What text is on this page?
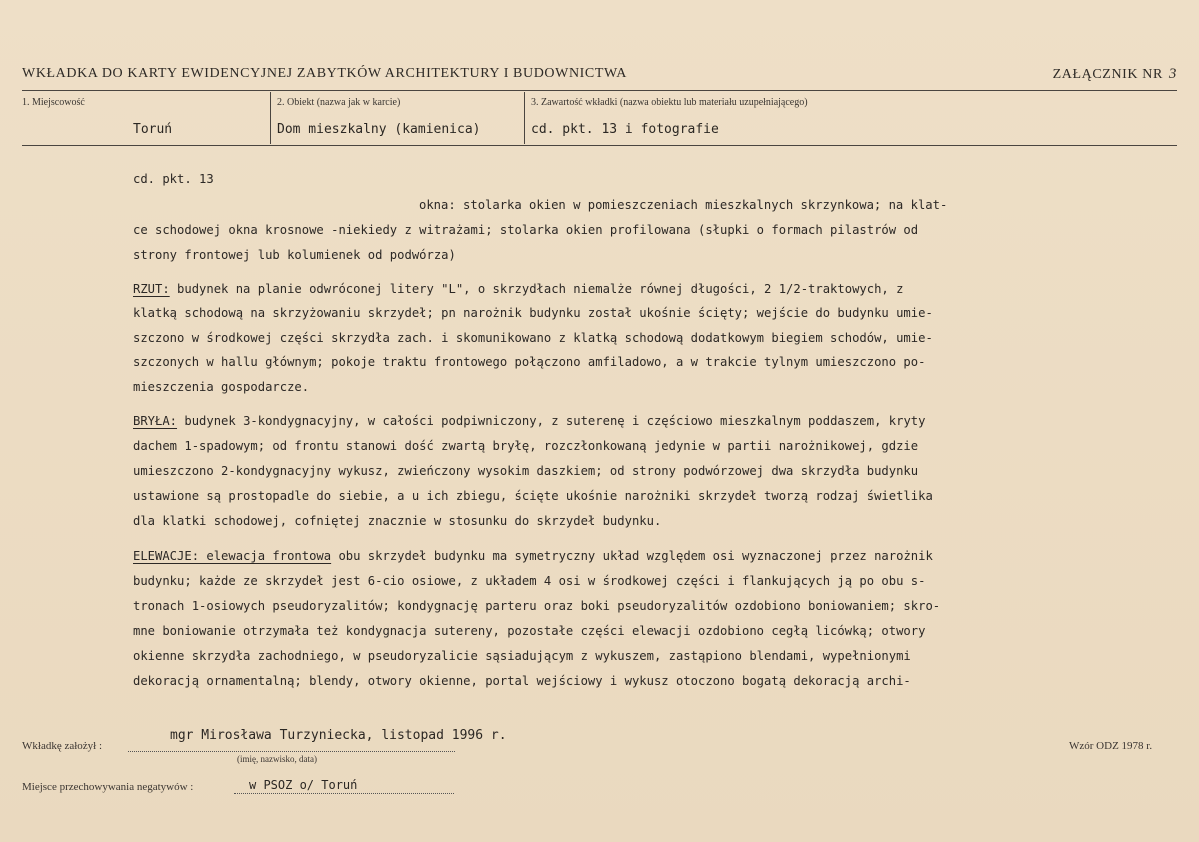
WKŁADKA DO KARTY EWIDENCYJNEJ ZABYTKÓW ARCHITEKTURY I BUDOWNICTWA	ZAŁĄCZNIK NR 3
1. Miejscowość
Toruń
2. Obiekt (nazwa jak w karcie)
Dom mieszkalny (kamienica)
3. Zawartość wkładki (nazwa obiektu lub materiału uzupełniającego)
cd. pkt. 13 i fotografie
cd. pkt. 13
okna: stolarka okien w pomieszczeniach mieszkalnych skrzynkowa; na klat-
ce schodowej okna krosnowe -niekiedy z witrażami; stolarka okien profilowana (słupki o formach pilastrów od
strony frontowej lub kolumienek od podwórza)
RZUT: budynek na planie odwróconej litery "L", o skrzydłach niemalże równej długości, 2 1/2-traktowych, z
klatką schodową na skrzyżowaniu skrzydeł; pn narożnik budynku został ukośnie ścięty; wejście do budynku umie-
szczono w środkowej części skrzydła zach. i skomunikowano z klatką schodową dodatkowym biegiem schodów, umie-
szczonych w hallu głównym; pokoje traktu frontowego połączono amfiladowo, a w trakcie tylnym umieszczono po-
mieszczenia gospodarcze.
BRYŁA: budynek 3-kondygnacyjny, w całości podpiwniczony, z suterenę i częściowo mieszkalnym poddaszem, kryty
dachem 1-spadowym; od frontu stanowi dość zwartą bryłę, rozczłonkowaną jedynie w partii narożnikowej, gdzie
umieszczono 2-kondygnacyjny wykusz, zwieńczony wysokim daszkiem; od strony podwórzowej dwa skrzydła budynku
ustawione są prostopadle do siebie, a u ich zbiegu, ścięte ukośnie narożniki skrzydeł tworzą rodzaj świetlika
dla klatki schodowej, cofniętej znacznie w stosunku do skrzydeł budynku.
ELEWACJE: elewacja frontowa obu skrzydeł budynku ma symetryczny układ względem osi wyznaczonej przez narożnik
budynku; każde ze skrzydeł jest 6-cio osiowe, z układem 4 osi w środkowej części i flankujących ją po obu s-
tronach 1-osiowych pseudoryzalitów; kondygnację parteru oraz boki pseudoryzalitów ozdobiono boniowaniem; skro-
mne boniowanie otrzymała też kondygnacja sutereny, pozostałe części elewacji ozdobiono cegłą licówką; otwory
okienne skrzydła zachodniego, w pseudoryzalicie sąsiadującym z wykuszem, zastąpiono blendami, wypełnionymi
dekoracją ornamentalną; blendy, otwory okienne, portal wejściowy i wykusz otoczono bogatą dekoracją archi-
Wkładkę założył :
mgr Mirosława Turzyniecka, listopad 1996 r.
(imię, nazwisko, data)
Wzór ODZ 1978 r.
Miejsce przechowywania negatywów :	w PSOZ o/ Toruń
